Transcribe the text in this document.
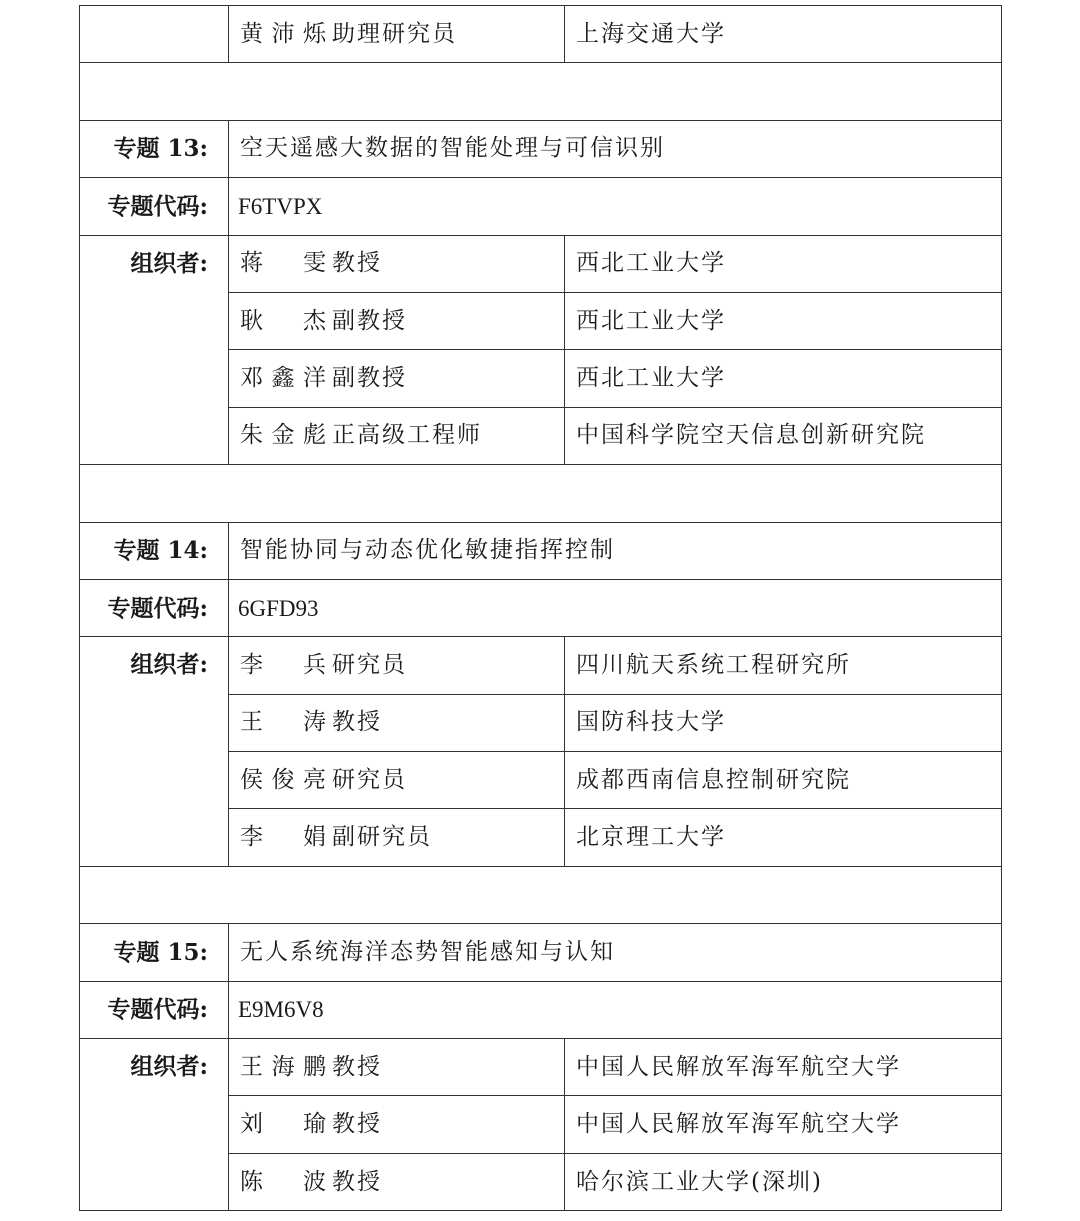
	黄沛烁 助理研究员	上海交通大学

专题 13:	空天遥感大数据的智能处理与可信识别	
专题代码:	F6TVPX	
组织者:	蒋雯 教授	西北工业大学
	耿杰 副教授	西北工业大学
	邓鑫洋 副教授	西北工业大学
	朱金彪 正高级工程师	中国科学院空天信息创新研究院

专题 14:	智能协同与动态优化敏捷指挥控制	
专题代码:	6GFD93	
组织者:	李兵 研究员	四川航天系统工程研究所
	王涛 教授	国防科技大学
	侯俊亮 研究员	成都西南信息控制研究院
	李娟 副研究员	北京理工大学

专题 15:	无人系统海洋态势智能感知与认知	
专题代码:	E9M6V8	
组织者:	王海鹏 教授	中国人民解放军海军航空大学
	刘瑜 教授	中国人民解放军海军航空大学
	陈波 教授	哈尔滨工业大学(深圳)
